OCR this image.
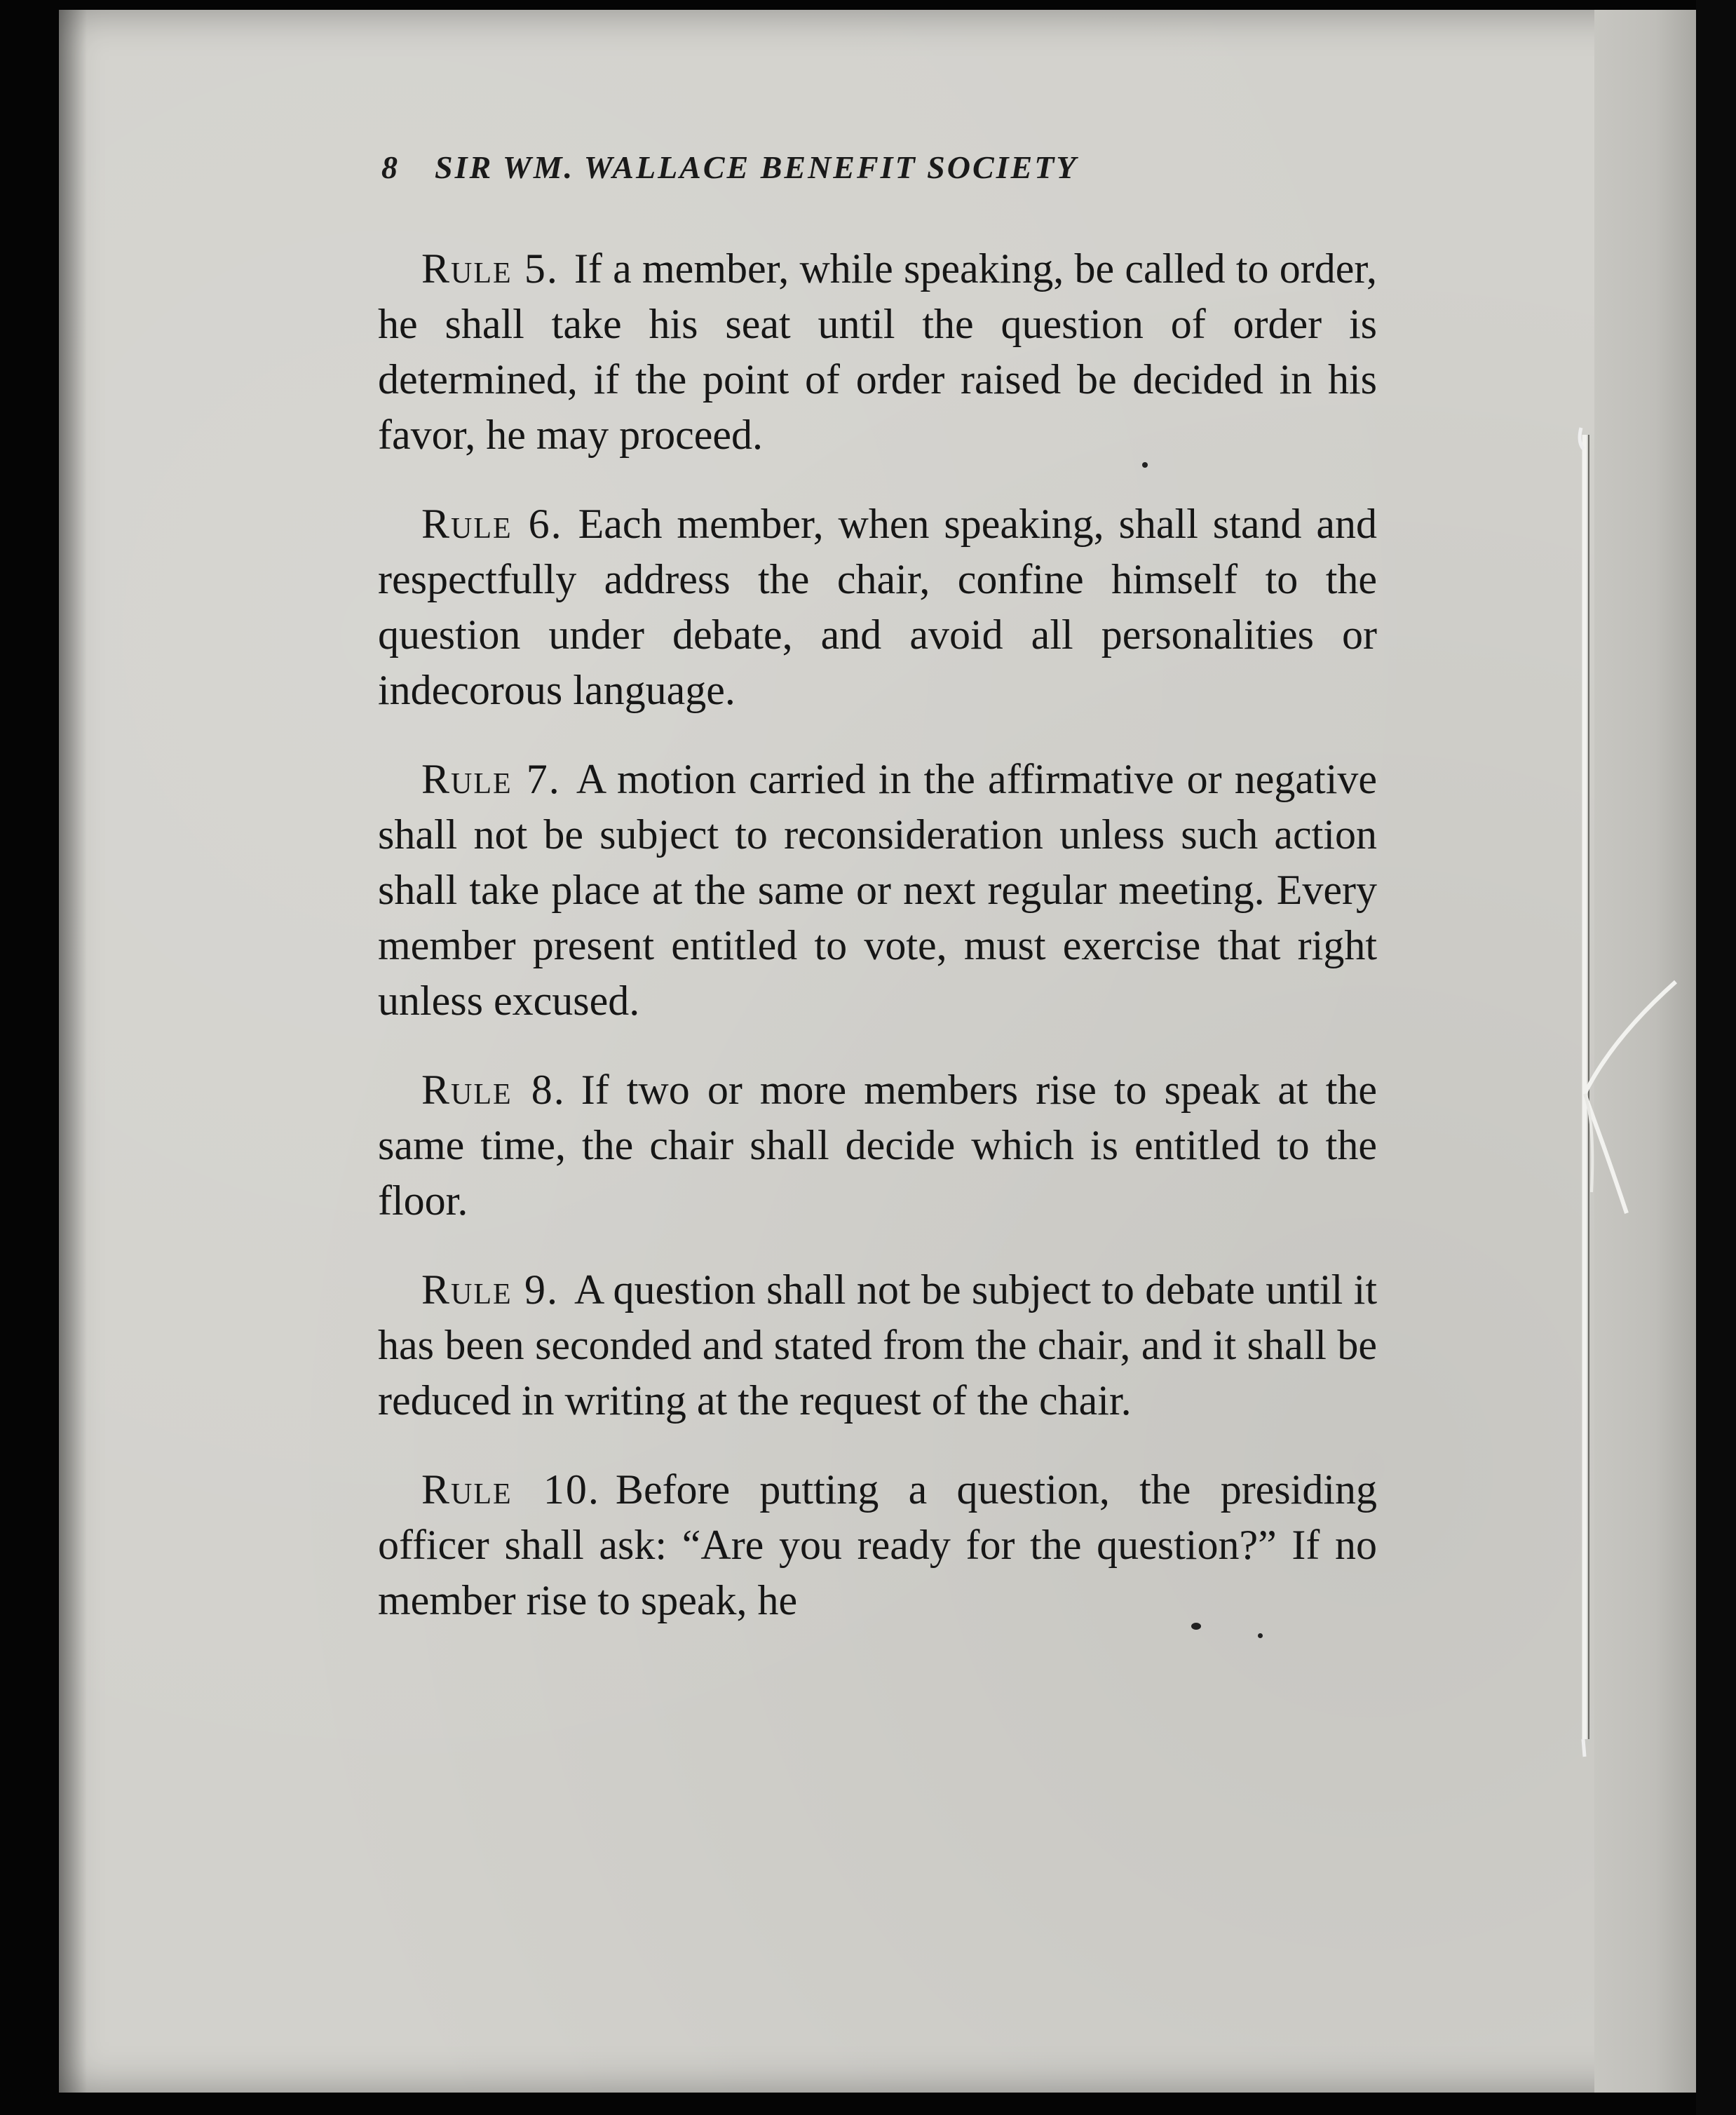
8 SIR WM. WALLACE BENEFIT SOCIETY

Rule 5. If a member, while speaking, be called to order, he shall take his seat until the question of order is determined, if the point of order raised be decided in his favor, he may proceed.

Rule 6. Each member, when speaking, shall stand and respectfully address the chair, confine himself to the question under debate, and avoid all personalities or indecorous language.

Rule 7. A motion carried in the affirmative or negative shall not be subject to reconsideration unless such action shall take place at the same or next regular meeting. Every member present entitled to vote, must exercise that right unless excused.

Rule 8. If two or more members rise to speak at the same time, the chair shall decide which is entitled to the floor.

Rule 9. A question shall not be subject to debate until it has been seconded and stated from the chair, and it shall be reduced in writing at the request of the chair.

Rule 10. Before putting a question, the presiding officer shall ask: “Are you ready for the question?” If no member rise to speak, he
